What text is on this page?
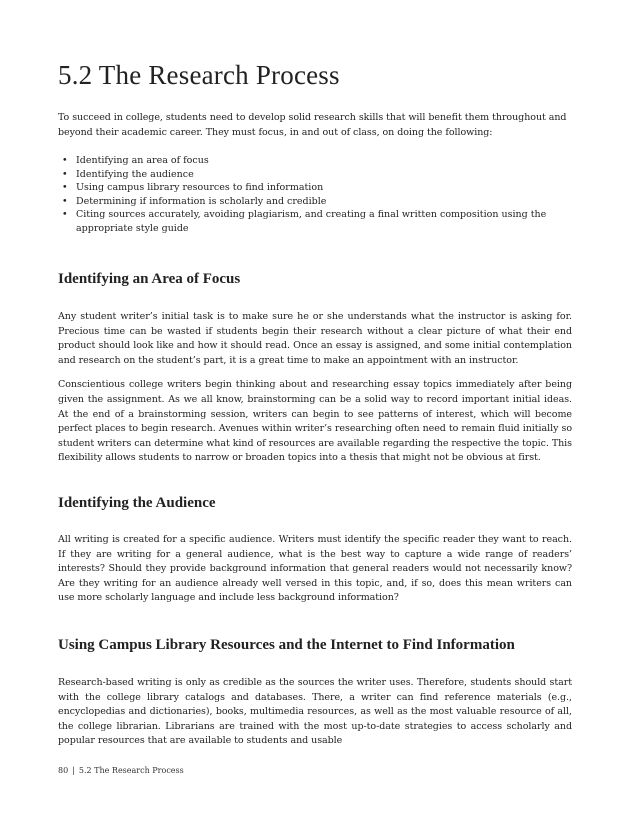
5.2 The Research Process

To succeed in college, students need to develop solid research skills that will benefit them throughout and beyond their academic career. They must focus, in and out of class, on doing the following:

• Identifying an area of focus
• Identifying the audience
• Using campus library resources to find information
• Determining if information is scholarly and credible
• Citing sources accurately, avoiding plagiarism, and creating a final written composition using the appropriate style guide
Identifying an Area of Focus

Any student writer’s initial task is to make sure he or she understands what the instructor is asking for. Precious time can be wasted if students begin their research without a clear picture of what their end product should look like and how it should read. Once an essay is assigned, and some initial contemplation and research on the student’s part, it is a great time to make an appointment with an instructor.

Conscientious college writers begin thinking about and researching essay topics immediately after being given the assignment. As we all know, brainstorming can be a solid way to record important initial ideas. At the end of a brainstorming session, writers can begin to see patterns of interest, which will become perfect places to begin research. Avenues within writer’s researching often need to remain fluid initially so student writers can determine what kind of resources are available regarding the respective the topic. This flexibility allows students to narrow or broaden topics into a thesis that might not be obvious at first.

Identifying the Audience

All writing is created for a specific audience. Writers must identify the specific reader they want to reach. If they are writing for a general audience, what is the best way to capture a wide range of readers’ interests? Should they provide background information that general readers would not necessarily know? Are they writing for an audience already well versed in this topic, and, if so, does this mean writers can use more scholarly language and include less background information?

Using Campus Library Resources and the Internet to Find Information

Research-based writing is only as credible as the sources the writer uses. Therefore, students should start with the college library catalogs and databases. There, a writer can find reference materials (e.g., encyclopedias and dictionaries), books, multimedia resources, as well as the most valuable resource of all, the college librarian. Librarians are trained with the most up-to-date strategies to access scholarly and popular resources that are available to students and usable

80 | 5.2 The Research Process
